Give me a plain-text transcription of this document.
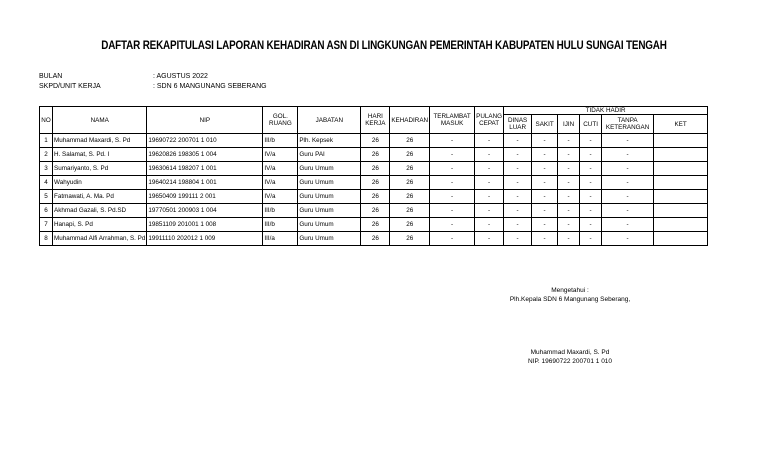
DAFTAR REKAPITULASI LAPORAN KEHADIRAN ASN DI LINGKUNGAN PEMERINTAH KABUPATEN HULU SUNGAI TENGAH
BULAN	: AGUSTUS 2022
SKPD/UNIT KERJA	: SDN 6 MANGUNANG SEBERANG
NO	NAMA	NIP	GOL. RUANG	JABATAN	HARI KERJA	KEHADIRAN	TERLAMBAT MASUK	PULANG CEPAT	TIDAK HADIR					
									DINAS LUAR	SAKIT	IJIN	CUTI	TANPA KETERANGAN	KET
1	Muhammad Maxardi, S. Pd	19690722 200701 1 010	III/b	Plh. Kepsek	26	26	-	-	-	-	-	-	-	
2	H. Salamat, S. Pd. I	19620826 198305 1 004	IV/a	Guru PAI	26	26	-	-	-	-	-	-	-	
3	Sumariyanto, S. Pd	19630614 198207 1 001	IV/a	Guru Umum	26	26	-	-	-	-	-	-	-	
4	Wahyudin	19640214 198804 1 001	IV/a	Guru Umum	26	26	-	-	-	-	-	-	-	
5	Fatmawati, A. Ma. Pd	19650409 199111 2 001	IV/a	Guru Umum	26	26	-	-	-	-	-	-	-	
6	Akhmad Gazali, S. Pd.SD	19770501 200903 1 004	III/b	Guru Umum	26	26	-	-	-	-	-	-	-	
7	Hanapi, S. Pd	19851109 201001 1 008	III/b	Guru Umum	26	26	-	-	-	-	-	-	-	
8	Muhammad Alfi Arrahman, S. Pd	19911110 202012 1 009	III/a	Guru Umum	26	26	-	-	-	-	-	-	-	
Mengetahui :
Plh.Kepala SDN 6 Mangunang Seberang,
Muhammad Maxardi, S. Pd
NIP. 19690722 200701 1 010
